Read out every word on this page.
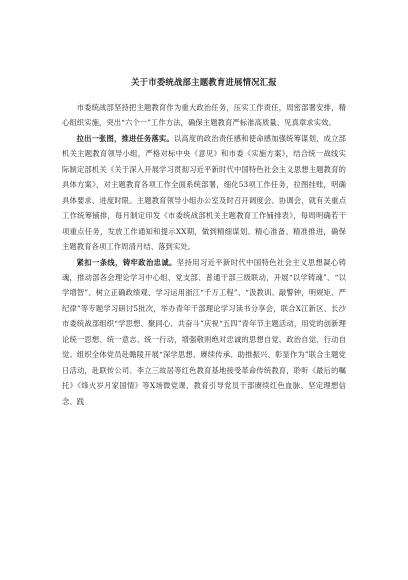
关于市委统战部主题教育进展情况汇报

市委统战部坚持把主题教育作为重大政治任务，压实工作责任，周密部署安排，精心组织实施，突出“六个一”工作方法，确保主题教育严标准高质量、见真章求实效。

拉出一张图，推进任务落实。以高度的政治责任感和使命感加强统筹谋划，成立部机关主题教育领导小组，严格对标中央《意见》和市委《实施方案》，结合统一战线实际制定部机关《关于深入开展学习贯彻习近平新时代中国特色社会主义思想主题教育的具体方案》，对主题教育各项工作全面系统部署，细化53项工作任务，拉图挂账，明确具体要求、进度时限。主题教育领导小组办公室及时召开调度会、协调会，就有关重点工作统筹铺排，每月制定印发《市委统战部机关主题教育工作铺排表》，每周明确若干项重点任务，发放工作通知和提示XX期，做到精细谋划、精心准备、精准推进，确保主题教育各项工作周清月结、落到实处。

紧扣一条线，铸牢政治忠诚。坚持用习近平新时代中国特色社会主义思想凝心铸魂，推动部各会理论学习中心组、党支部、普通干部三级联动，开展“以学铸魂”、“以学增智”、树立正确政绩观、学习运用浙江“千万工程”、“汲教训、敲警钟，明规矩、严纪律”等专题学习研讨5批次，举办青年干部理论学习读书分享会，联合X江新区、长沙市委统战部组织“学思想、聚同心、共奋斗”庆祝“五四”青年节主题活动，用党的创新理论统一思想、统一意志、统一行动，增强敬则绝对忠诚的思想自觉、政治自觉、行动自觉。组织全体党员赴瞻陵开展“深学思想、赓续传承、助推振兴、彰显作为”联合主题党日活动，赴联传公司、李立三故居等红色教育基地接受革命传统教育，聆听《最后的嘱托》《烽火岁月家国情》等X场微党课，教育引导党员干部赓续红色血脉、坚定理想信念、践
